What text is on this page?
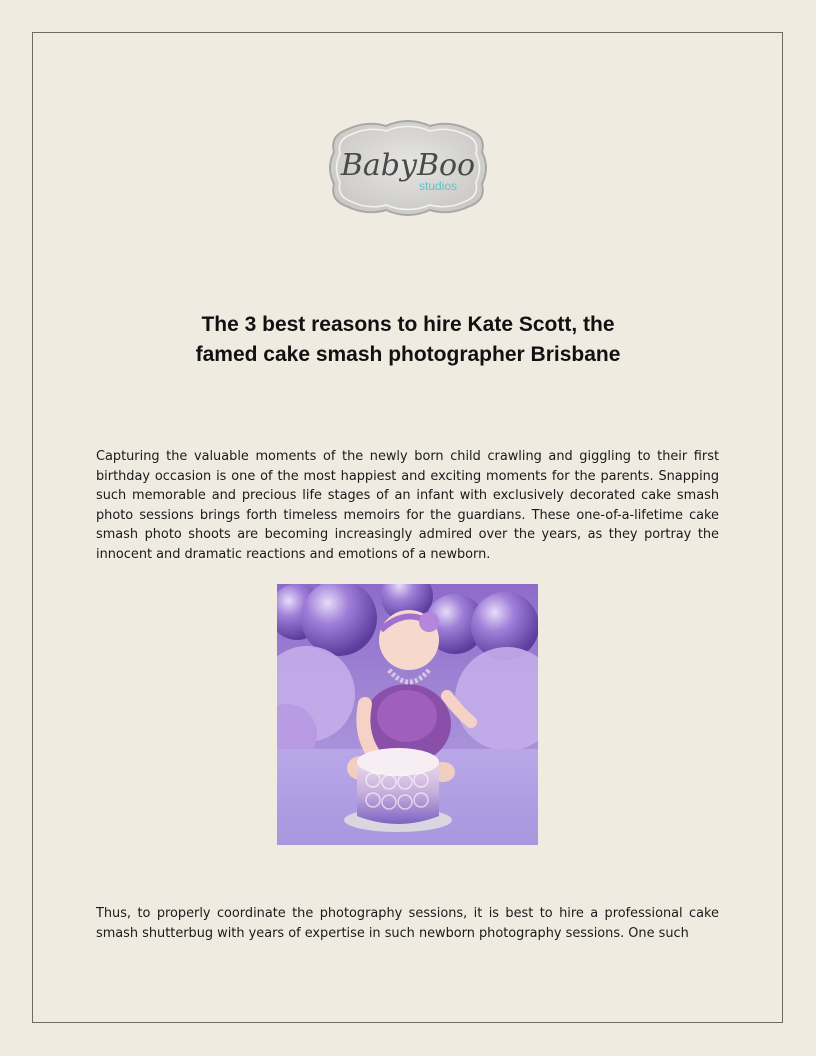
BabyBoo
studios
The 3 best reasons to hire Kate Scott, the
famed cake smash photographer Brisbane

Capturing the valuable moments of the newly born child crawling and giggling to their first birthday occasion is one of the most happiest and exciting moments for the parents. Snapping such memorable and precious life stages of an infant with exclusively decorated cake smash photo sessions brings forth timeless memoirs for the guardians. These one-of-a-lifetime cake smash photo shoots are becoming increasingly admired over the years, as they portray the innocent and dramatic reactions and emotions of a newborn.

Thus, to properly coordinate the photography sessions, it is best to hire a professional cake smash shutterbug with years of expertise in such newborn photography sessions. One such
